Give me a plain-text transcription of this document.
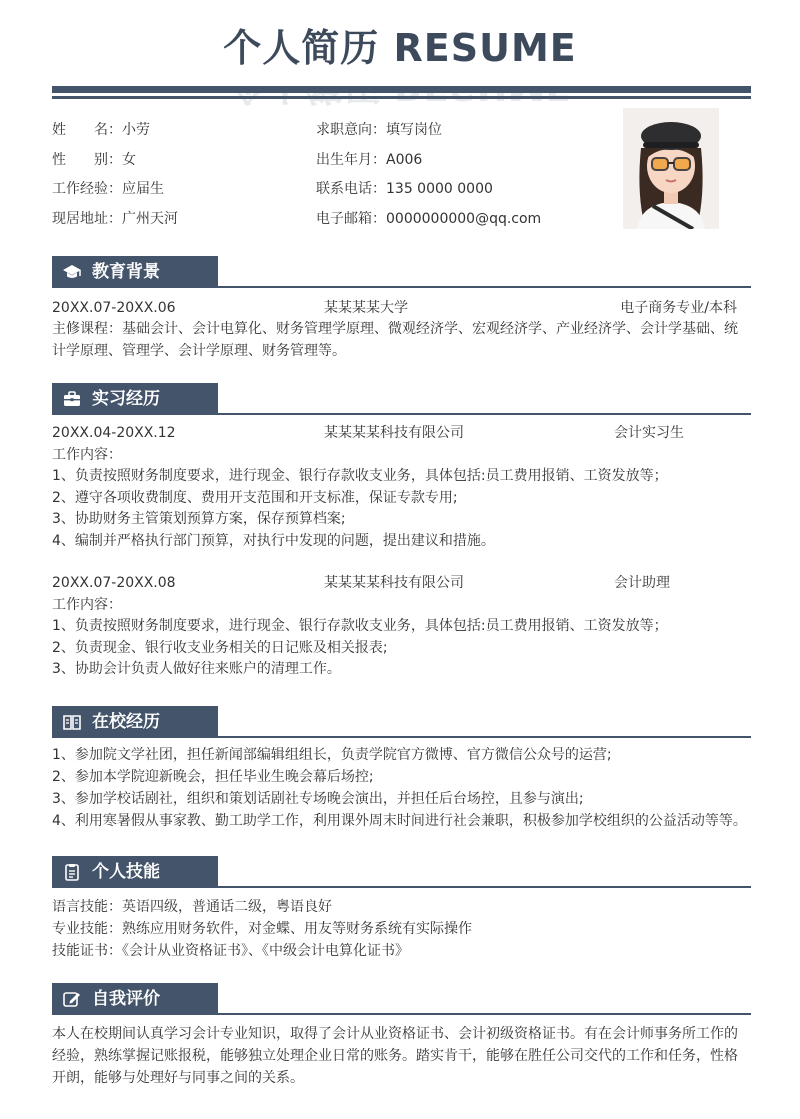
个人简历 RESUME
姓　　名：小劳
性　　别：女
工作经验：应届生
现居地址：广州天河
求职意向：填写岗位
出生年月：A006
联系电话：135 0000 0000
电子邮箱：0000000000@qq.com
教育背景
20XX.07-20XX.06	某某某某大学	电子商务专业/本科
主修课程：基础会计、会计电算化、财务管理学原理、微观经济学、宏观经济学、产业经济学、会计学基础、统
计学原理、管理学、会计学原理、财务管理等。
实习经历
20XX.04-20XX.12	某某某某科技有限公司	会计实习生
工作内容：
1、负责按照财务制度要求，进行现金、银行存款收支业务，具体包括:员工费用报销、工资发放等；
2、遵守各项收费制度、费用开支范围和开支标准，保证专款专用;
3、协助财务主管策划预算方案，保存预算档案;
4、编制并严格执行部门预算，对执行中发现的问题，提出建议和措施。
20XX.07-20XX.08	某某某某科技有限公司	会计助理
工作内容：
1、负责按照财务制度要求，进行现金、银行存款收支业务，具体包括:员工费用报销、工资发放等；
2、负责现金、银行收支业务相关的日记账及相关报表;
3、协助会计负责人做好往来账户的清理工作。
在校经历
1、参加院文学社团，担任新闻部编辑组组长，负责学院官方微博、官方微信公众号的运营;
2、参加本学院迎新晚会，担任毕业生晚会幕后场控;
3、参加学校话剧社，组织和策划话剧社专场晚会演出，并担任后台场控，且参与演出;
4、利用寒暑假从事家教、勤工助学工作，利用课外周末时间进行社会兼职，积极参加学校组织的公益活动等等。
个人技能
语言技能：英语四级，普通话二级，粤语良好
专业技能：熟练应用财务软件，对金蝶、用友等财务系统有实际操作
技能证书：《会计从业资格证书》、《中级会计电算化证书》
自我评价
本人在校期间认真学习会计专业知识，取得了会计从业资格证书、会计初级资格证书。有在会计师事务所工作的
经验，熟练掌握记账报税，能够独立处理企业日常的账务。踏实肯干，能够在胜任公司交代的工作和任务，性格
开朗，能够与处理好与同事之间的关系。
